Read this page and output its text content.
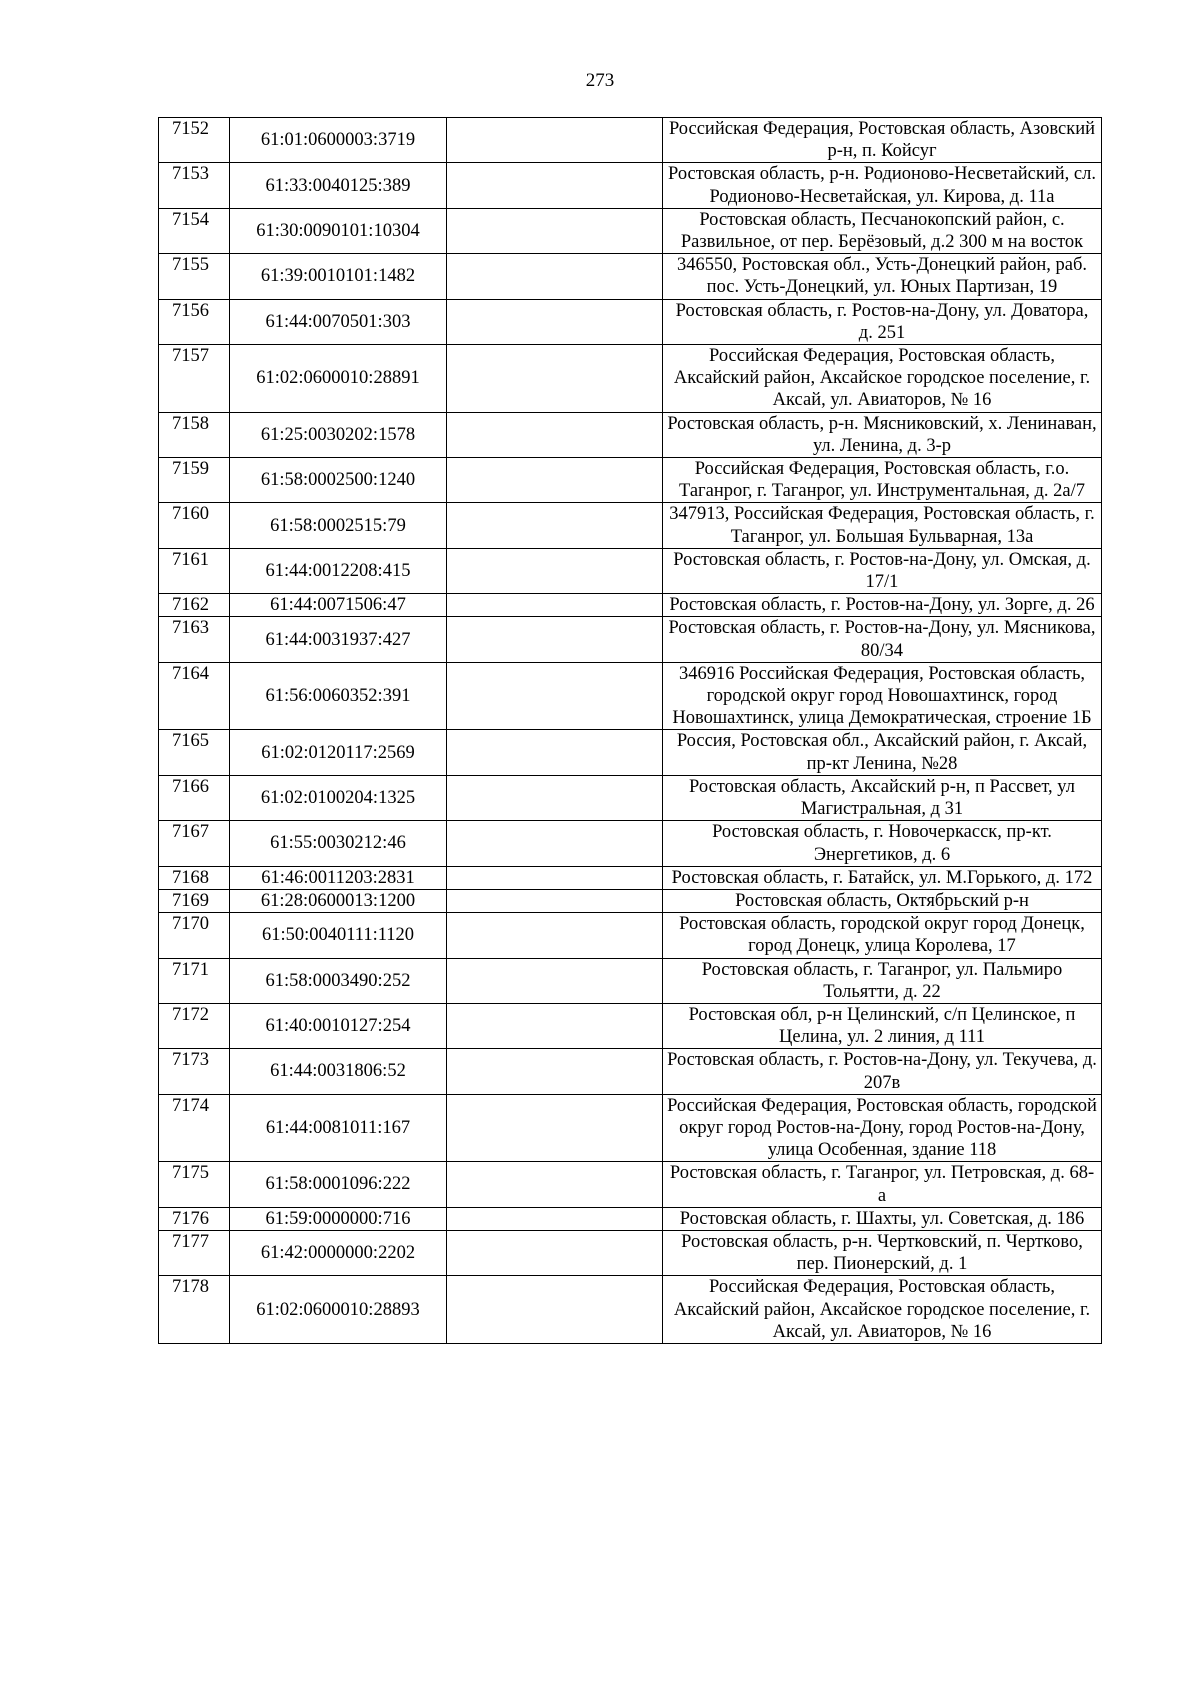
273
7152	61:01:0600003:3719		Российская Федерация, Ростовская область, Азовский р-н, п. Койсуг
7153	61:33:0040125:389		Ростовская область, р-н. Родионово-Несветайский, сл. Родионово-Несветайская, ул. Кирова, д. 11а
7154	61:30:0090101:10304		Ростовская область, Песчанокопский район, с. Развильное, от пер. Берёзовый, д.2 300 м на восток
7155	61:39:0010101:1482		346550, Ростовская обл., Усть-Донецкий район, раб. пос. Усть-Донецкий, ул. Юных Партизан, 19
7156	61:44:0070501:303		Ростовская область, г. Ростов-на-Дону, ул. Доватора, д. 251
7157	61:02:0600010:28891		Российская Федерация, Ростовская область, Аксайский район, Аксайское городское поселение, г. Аксай, ул. Авиаторов, № 16
7158	61:25:0030202:1578		Ростовская область, р-н. Мясниковский, х. Ленинаван, ул. Ленина, д. 3-р
7159	61:58:0002500:1240		Российская Федерация, Ростовская область, г.о. Таганрог, г. Таганрог, ул. Инструментальная, д. 2а/7
7160	61:58:0002515:79		347913, Российская Федерация, Ростовская область, г. Таганрог, ул. Большая Бульварная, 13а
7161	61:44:0012208:415		Ростовская область, г. Ростов-на-Дону, ул. Омская, д. 17/1
7162	61:44:0071506:47		Ростовская область, г. Ростов-на-Дону, ул. Зорге, д. 26
7163	61:44:0031937:427		Ростовская область, г. Ростов-на-Дону, ул. Мясникова, 80/34
7164	61:56:0060352:391		346916 Российская Федерация, Ростовская область, городской округ город Новошахтинск, город Новошахтинск, улица Демократическая, строение 1Б
7165	61:02:0120117:2569		Россия, Ростовская обл., Аксайский район, г. Аксай, пр-кт Ленина, №28
7166	61:02:0100204:1325		Ростовская область, Аксайский р-н, п Рассвет, ул Магистральная, д 31
7167	61:55:0030212:46		Ростовская область, г. Новочеркасск, пр-кт. Энергетиков, д. 6
7168	61:46:0011203:2831		Ростовская область, г. Батайск, ул. М.Горького, д. 172
7169	61:28:0600013:1200		Ростовская область, Октябрьский р-н
7170	61:50:0040111:1120		Ростовская область, городской округ город Донецк, город Донецк, улица Королева, 17
7171	61:58:0003490:252		Ростовская область, г. Таганрог, ул. Пальмиро Тольятти, д. 22
7172	61:40:0010127:254		Ростовская обл, р-н Целинский, с/п Целинское, п Целина, ул. 2 линия, д 111
7173	61:44:0031806:52		Ростовская область, г. Ростов-на-Дону, ул. Текучева, д. 207в
7174	61:44:0081011:167		Российская Федерация, Ростовская область, городской округ город Ростов-на-Дону, город Ростов-на-Дону, улица Особенная, здание 118
7175	61:58:0001096:222		Ростовская область, г. Таганрог, ул. Петровская, д. 68-а
7176	61:59:0000000:716		Ростовская область, г. Шахты, ул. Советская, д. 186
7177	61:42:0000000:2202		Ростовская область, р-н. Чертковский, п. Чертково, пер. Пионерский, д. 1
7178	61:02:0600010:28893		Российская Федерация, Ростовская область, Аксайский район, Аксайское городское поселение, г. Аксай, ул. Авиаторов, № 16
